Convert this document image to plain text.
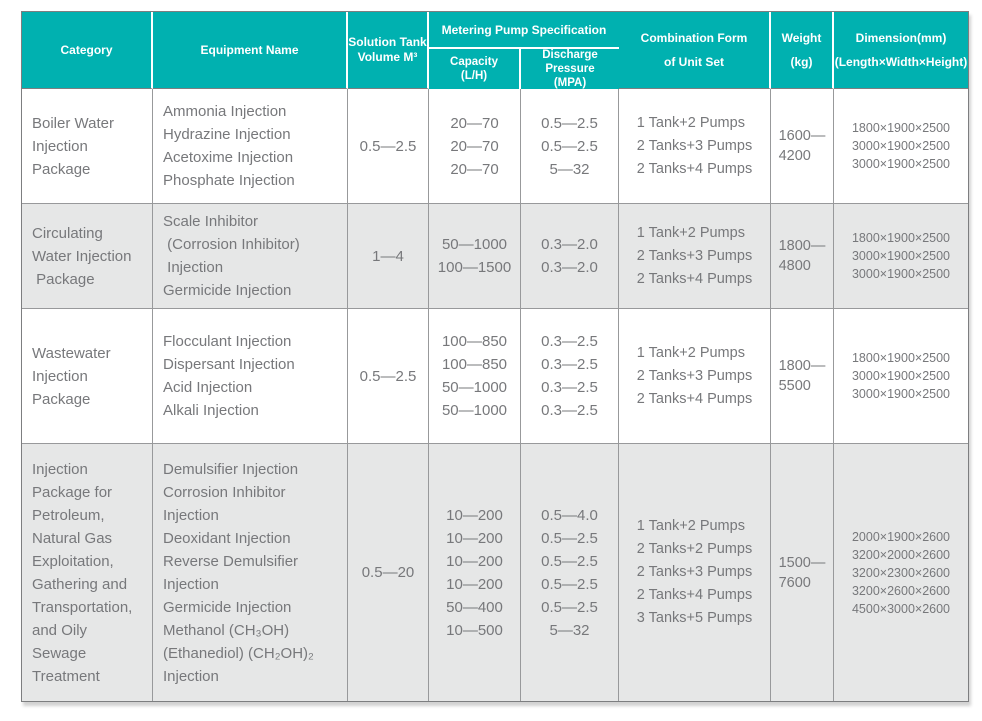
Category	Equipment Name
Solution Tank
Volume M³
Metering Pump Specification
Capacity
(L/H)
Discharge Pressure
(MPA)
Combination Form
of Unit Set
Weight
(kg)
Dimension(mm)
(Length×Width×Height)
Boiler Water
Injection
Package
Ammonia Injection
Hydrazine Injection
Acetoxime Injection
Phosphate Injection
0.5—2.5
20—70
20—70
20—70
0.5—2.5
0.5—2.5
5—32
1 Tank+2 Pumps
2 Tanks+3 Pumps
2 Tanks+4 Pumps
1600—
4200
1800×1900×2500
3000×1900×2500
3000×1900×2500
Circulating
Water Injection
Package
Scale Inhibitor
(Corrosion Inhibitor)
Injection
Germicide Injection
1—4
50—1000
100—1500
0.3—2.0
0.3—2.0
1 Tank+2 Pumps
2 Tanks+3 Pumps
2 Tanks+4 Pumps
1800—
4800
1800×1900×2500
3000×1900×2500
3000×1900×2500
Wastewater
Injection
Package
Flocculant Injection
Dispersant Injection
Acid Injection
Alkali Injection
0.5—2.5
100—850
100—850
50—1000
50—1000
0.3—2.5
0.3—2.5
0.3—2.5
0.3—2.5
1 Tank+2 Pumps
2 Tanks+3 Pumps
2 Tanks+4 Pumps
1800—
5500
1800×1900×2500
3000×1900×2500
3000×1900×2500
Injection
Package for
Petroleum,
Natural Gas
Exploitation,
Gathering and
Transportation,
and Oily
Sewage
Treatment
Demulsifier Injection
Corrosion Inhibitor
Injection
Deoxidant Injection
Reverse Demulsifier
Injection
Germicide Injection
Methanol (CH₃OH)
(Ethanediol) (CH₂OH)₂
Injection
0.5—20
10—200
10—200
10—200
10—200
50—400
10—500
0.5—4.0
0.5—2.5
0.5—2.5
0.5—2.5
0.5—2.5
5—32
1 Tank+2 Pumps
2 Tanks+2 Pumps
2 Tanks+3 Pumps
2 Tanks+4 Pumps
3 Tanks+5 Pumps
1500—
7600
2000×1900×2600
3200×2000×2600
3200×2300×2600
3200×2600×2600
4500×3000×2600
